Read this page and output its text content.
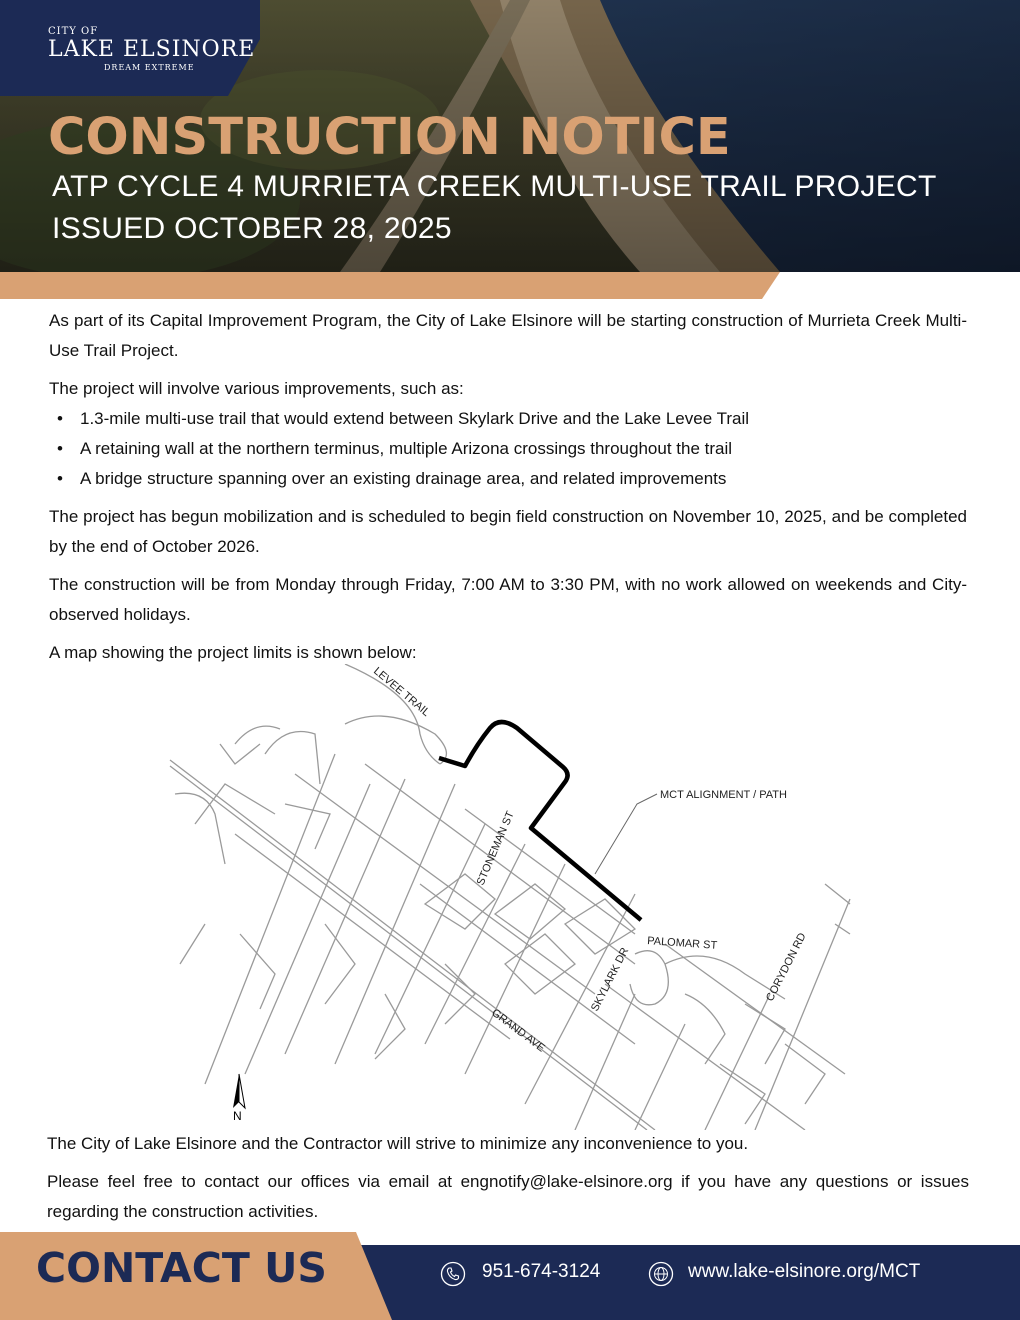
CITY OF
LAKE ELSINORE
DREAM EXTREME
CONSTRUCTION NOTICE
ATP CYCLE 4 MURRIETA CREEK MULTI-USE TRAIL PROJECT
ISSUED OCTOBER 28, 2025

As part of its Capital Improvement Program, the City of Lake Elsinore will be starting construction of Murrieta Creek Multi-Use Trail Project.

The project will involve various improvements, such as:

• 1.3-mile multi-use trail that would extend between Skylark Drive and the Lake Levee Trail
• A retaining wall at the northern terminus, multiple Arizona crossings throughout the trail
• A bridge structure spanning over an existing drainage area, and related improvements

The project has begun mobilization and is scheduled to begin field construction on November 10, 2025, and be completed by the end of October 2026.

The construction will be from Monday through Friday, 7:00 AM to 3:30 PM, with no work allowed on weekends and City-observed holidays.

A map showing the project limits is shown below:

LEVEE TRAIL
MCT ALIGNMENT / PATH
STONEMAN ST
PALOMAR ST	CORYDON RD
SKYLARK DR
GRAND AVE
N

The City of Lake Elsinore and the Contractor will strive to minimize any inconvenience to you.

Please feel free to contact our offices via email at engnotify@lake-elsinore.org if you have any questions or issues regarding the construction activities.

CONTACT US	951-674-3124	www.lake-elsinore.org/MCT
